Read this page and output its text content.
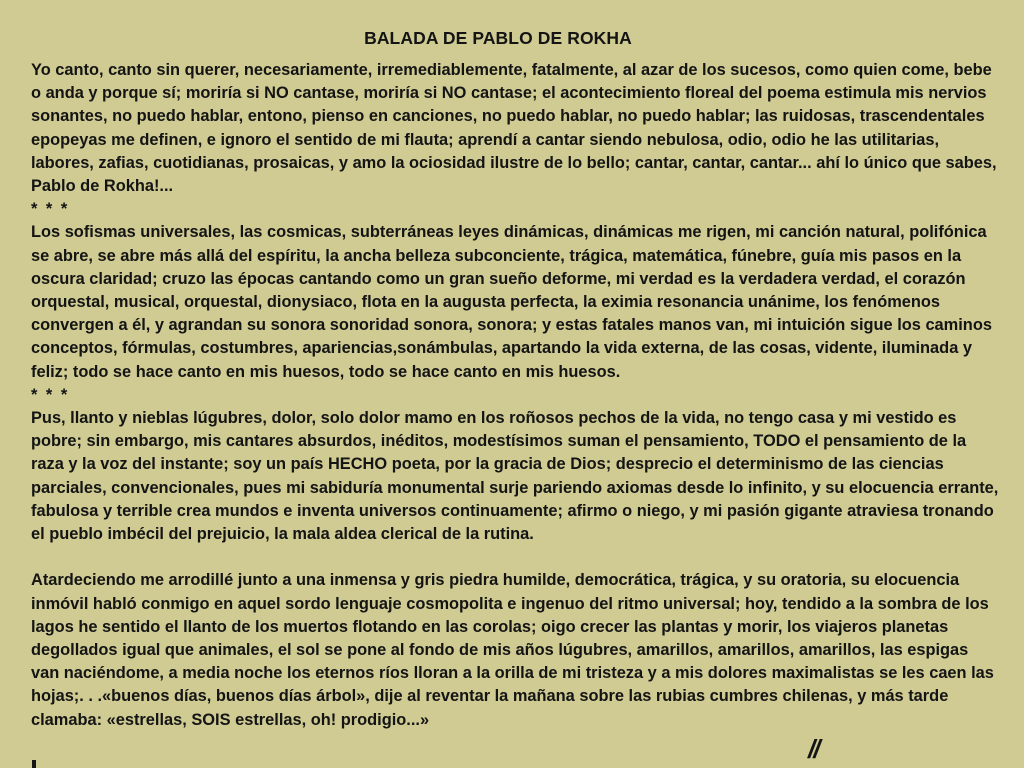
BALADA DE PABLO DE ROKHA

Yo canto, canto sin querer, necesariamente, irremediablemente, fatalmente, al azar de los sucesos, como quien come, bebe o anda y porque sí; moriría si NO cantase, moriría si NO cantase; el acontecimiento floreal del poema estimula mis nervios sonantes, no puedo hablar, entono, pienso en canciones, no puedo hablar, no puedo hablar; las ruidosas, trascendentales epopeyas me definen, e ignoro el sentido de mi flauta; aprendí a cantar siendo nebulosa, odio, odio he las utilitarias, labores, zafias, cuotidianas, prosaicas, y amo la ociosidad ilustre de lo bello; cantar, cantar, cantar... ahí lo único que sabes, Pablo de Rokha!...

* * *

Los sofismas universales, las cosmicas, subterráneas leyes dinámicas, dinámicas me rigen, mi canción natural, polifónica se abre, se abre más allá del espíritu, la ancha belleza subconciente, trágica, matemática, fúnebre, guía mis pasos en la oscura claridad; cruzo las épocas cantando como un gran sueño deforme, mi verdad es la verdadera verdad, el corazón orquestal, musical, orquestal, dionysiaco, flota en la augusta perfecta, la eximia resonancia unánime, los fenómenos convergen a él, y agrandan su sonora sonoridad sonora, sonora; y estas fatales manos van, mi intuición sigue los caminos conceptos, fórmulas, costumbres, apariencias,sonámbulas, apartando la vida externa, de las cosas, vidente, iluminada y feliz; todo se hace canto en mis huesos, todo se hace canto en mis huesos.

* * *

Pus, llanto y nieblas lúgubres, dolor, solo dolor mamo en los roñosos pechos de la vida, no tengo casa y mi vestido es pobre; sin embargo, mis cantares absurdos, inéditos, modestísimos suman el pensamiento, TODO el pensamiento de la raza y la voz del instante; soy un país HECHO poeta, por la gracia de Dios; desprecio el determinismo de las ciencias parciales, convencionales, pues mi sabiduría monumental surje pariendo axiomas desde lo infinito, y su elocuencia errante, fabulosa y terrible crea mundos e inventa universos continuamente; afirmo o niego, y mi pasión gigante atraviesa tronando el pueblo imbécil del prejuicio, la mala aldea clerical de la rutina.

Atardeciendo me arrodillé junto a una inmensa y gris piedra humilde, democrática, trágica, y su oratoria, su elocuencia inmóvil habló conmigo en aquel sordo lenguaje cosmopolita e ingenuo del ritmo universal; hoy, tendido a la sombra de los lagos he sentido el llanto de los muertos flotando en las corolas; oigo crecer las plantas y morir, los viajeros planetas degollados igual que animales, el sol se pone al fondo de mis años lúgubres, amarillos, amarillos, amarillos, las espigas van naciéndome, a media noche los eternos ríos lloran a la orilla de mi tristeza y a mis dolores maximalistas se les caen las hojas;. . .«buenos días, buenos días árbol», dije al reventar la mañana sobre las rubias cumbres chilenas, y más tarde clamaba: «estrellas, SOIS estrellas, oh! prodigio...»

//
